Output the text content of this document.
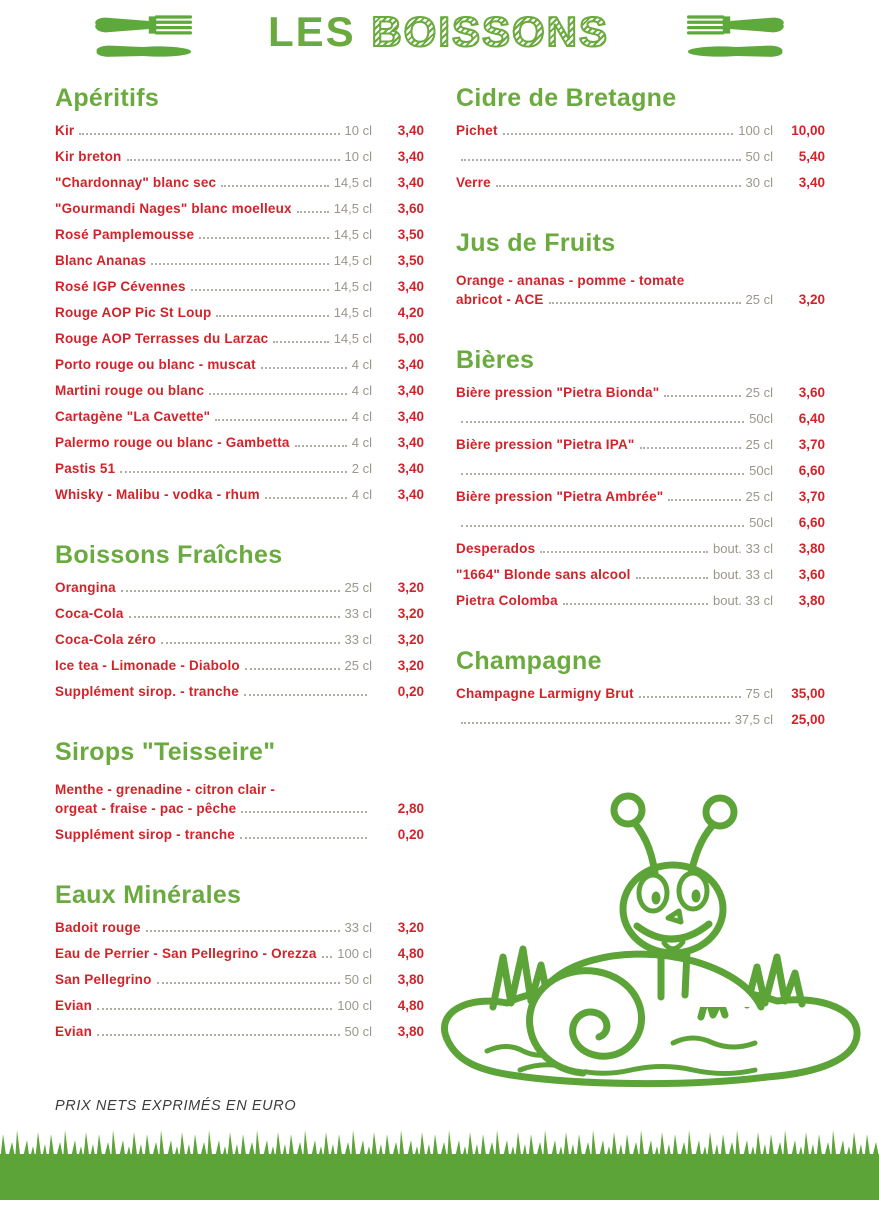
LES BOISSONS
Apéritifs
Kir	10 cl	3,40
Kir breton	10 cl	3,40
"Chardonnay" blanc sec	14,5 cl	3,40
"Gourmandi Nages" blanc moelleux	14,5 cl	3,60
Rosé Pamplemousse	14,5 cl	3,50
Blanc Ananas	14,5 cl	3,50
Rosé IGP Cévennes	14,5 cl	3,40
Rouge AOP Pic St Loup	14,5 cl	4,20
Rouge AOP Terrasses du Larzac	14,5 cl	5,00
Porto rouge ou blanc - muscat	4 cl	3,40
Martini rouge ou blanc	4 cl	3,40
Cartagène "La Cavette"	4 cl	3,40
Palermo rouge ou blanc - Gambetta	4 cl	3,40
Pastis 51	2 cl	3,40
Whisky - Malibu - vodka - rhum	4 cl	3,40
Boissons Fraîches
Orangina	25 cl	3,20
Coca-Cola	33 cl	3,20
Coca-Cola zéro	33 cl	3,20
Ice tea - Limonade - Diabolo	25 cl	3,20
Supplément sirop. - tranche	0,20
Sirops "Teisseire"
Menthe - grenadine - citron clair -
orgeat - fraise - pac - pêche	2,80
Supplément sirop - tranche	0,20
Eaux Minérales
Badoit rouge	33 cl	3,20
Eau de Perrier - San Pellegrino - Orezza 100 cl	4,80
San Pellegrino	50 cl	3,80
Evian	100 cl	4,80
Evian	50 cl	3,80
Cidre de Bretagne
Pichet	100 cl	10,00
50 cl	5,40
Verre	30 cl	3,40
Jus de Fruits
Orange - ananas - pomme - tomate
abricot - ACE	25 cl	3,20
Bières
Bière pression "Pietra Bionda"	25 cl	3,60
50cl	6,40
Bière pression "Pietra IPA"	25 cl	3,70
50cl	6,60
Bière pression "Pietra Ambrée"	25 cl	3,70
50cl	6,60
Desperados	bout. 33 cl	3,80
"1664" Blonde sans alcool	bout. 33 cl	3,60
Pietra Colomba	bout. 33 cl	3,80
Champagne
Champagne Larmigny Brut	75 cl	35,00
37,5 cl	25,00
PRIX NETS EXPRIMÉS EN EURO
